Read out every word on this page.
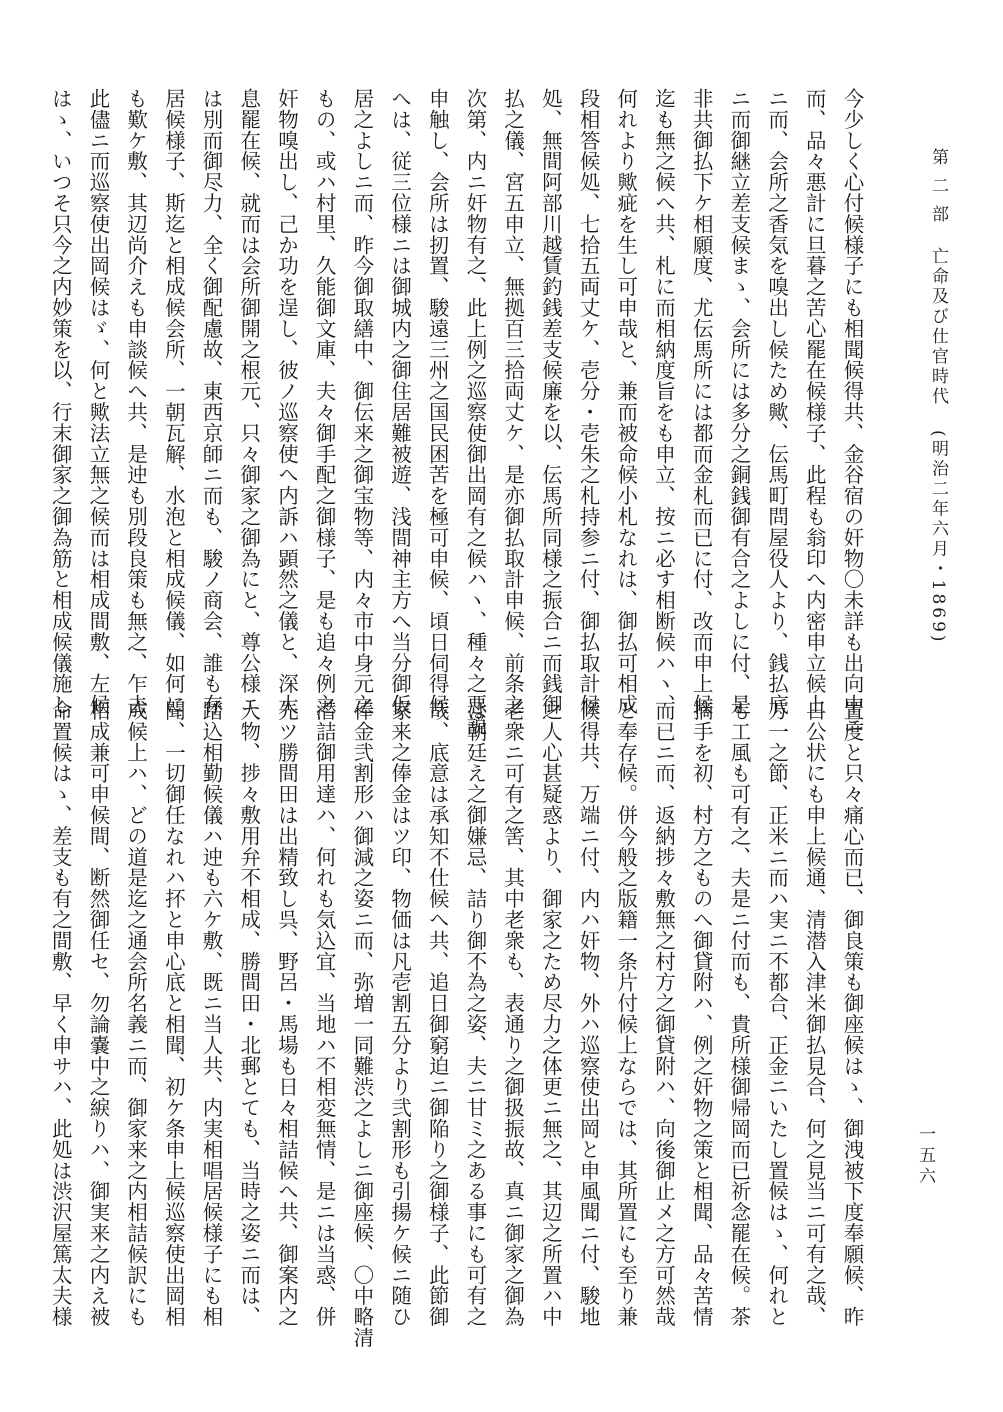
第 二 部 亡命及び仕官時代 (明治二年六月・1869)
一五六
今少しく心付候様子にも相聞候得共、金谷宿の奸物〇未詳も出向中ニ
而、品々悪計に旦暮之苦心罷在候様子、此程も翁印へ内密申立候上
ニ而、会所之香気を嗅出し候ため歟、伝馬町問屋役人より、銭払底
ニ而御継立差支候まゝ、会所には多分之銅銭御有合之よしに付、是
非共御払下ケ相願度、尤伝馬所には都而金札而已に付、改而申上候
迄も無之候へ共、札に而相納度旨をも申立、按ニ必す相断候ハヽ、
何れより歟疵を生し可申哉と、兼而被命候小札なれは、御払可相成
段相答候処、七拾五両丈ケ、壱分・壱朱之札持参ニ付、御払取計候
処、無間阿部川越賃釣銭差支候廉を以、伝馬所同様之振合ニ而銭御
払之儀、宮五申立、無拠百三拾両丈ケ、是亦御払取計申候、前条之
次第、内ニ奸物有之、此上例之巡察使御出岡有之候ハヽ、種々之悪説
申触し、会所は扨置、駿遠三州之国民困苦を極可申候、頃日伺得候
へは、従三位様ニは御城内之御住居難被遊、浅間神主方へ当分御仮
居之よしニ而、昨今御取繕中、御伝来之御宝物等、内々市中身元之
もの、或ハ村里、久能御文庫、夫々御手配之御様子、是も追々例之
奸物嗅出し、己か功を逞し、彼ノ巡察使へ内訴ハ顕然之儀と、深大
息罷在候、就而は会所御開之根元、只々御家之御為にと、尊公様ニ
は別而御尽力、全く御配慮故、東西京師ニ而も、駿ノ商会、誰も存
居候様子、斯迄と相成候会所、一朝瓦解、水泡と相成候儀、如何に
も歎ケ敷、其辺尚介えも申談候へ共、是迚も別段良策も無之、乍去
此儘ニ而巡察使出岡候はゞ、何と歟法立無之候而は相成間敷、左候
はゝ、いつそ只今之内妙策を以、行末御家之御為筋と相成候儀施し
置度と只々痛心而已、御良策も御座候はゝ、御洩被下度奉願候、昨
日公状にも申上候通、清潜入津米御払見合、何之見当ニ可有之哉、
万一之節、正米ニ而ハ実ニ不都合、正金ニいたし置候はゝ、何れと
も工風も可有之、夫是ニ付而も、貴所様御帰岡而已祈念罷在候。茶
摘手を初、村方之ものへ御貸附ハ、例之奸物之策と相聞、品々苦情
而已ニ而、返納捗々敷無之村方之御貸附ハ、向後御止メ之方可然哉
と奉存候。併今般之版籍一条片付候上ならでは、其所置にも至り兼
候得共、万端ニ付、内ハ奸物、外ハ巡察使出岡と申風聞ニ付、駿地
之人心甚疑惑より、御家之ため尽力之体更ニ無之、其辺之所置ハ中
老衆ニ可有之筈、其中老衆も、表通り之御扱振故、真ニ御家之御為
は朝廷え之御嫌忌、詰り御不為之姿、夫ニ甘ミ之ある事にも可有之
哉、底意は承知不仕候へ共、追日御窮迫ニ御陥り之御様子、此節御
家来之俸金はツ印、物価は凡壱割五分より弐割形も引揚ケ候ニ随ひ
俸金弐割形ハ御減之姿ニ而、弥増一同難渋之よしニ御座候、〇中略清
潜詰御用達ハ、何れも気込宜、当地ハ不相変無情、是ニは当惑、併
先ツ勝間田は出精致し呉、野呂・馬場も日々相詰候へ共、御案内之
人物、捗々敷用弁不相成、勝間田・北郵とても、当時之姿ニ而は、
踏込相勤候儀ハ迚も六ケ敷、既ニ当人共、内実相唱居候様子にも相
聞、一切御任なれハ抔と申心底と相聞、初ケ条申上候巡察使出岡相
成候上ハ、どの道是迄之通会所名義ニ而、御家来之内相詰候訳にも
相成兼可申候間、断然御任セ、勿論嚢中之綟りハ、御実来之内え被
命置候はゝ、差支も有之間敷、早く申サハ、此処は渋沢屋篤太夫様
